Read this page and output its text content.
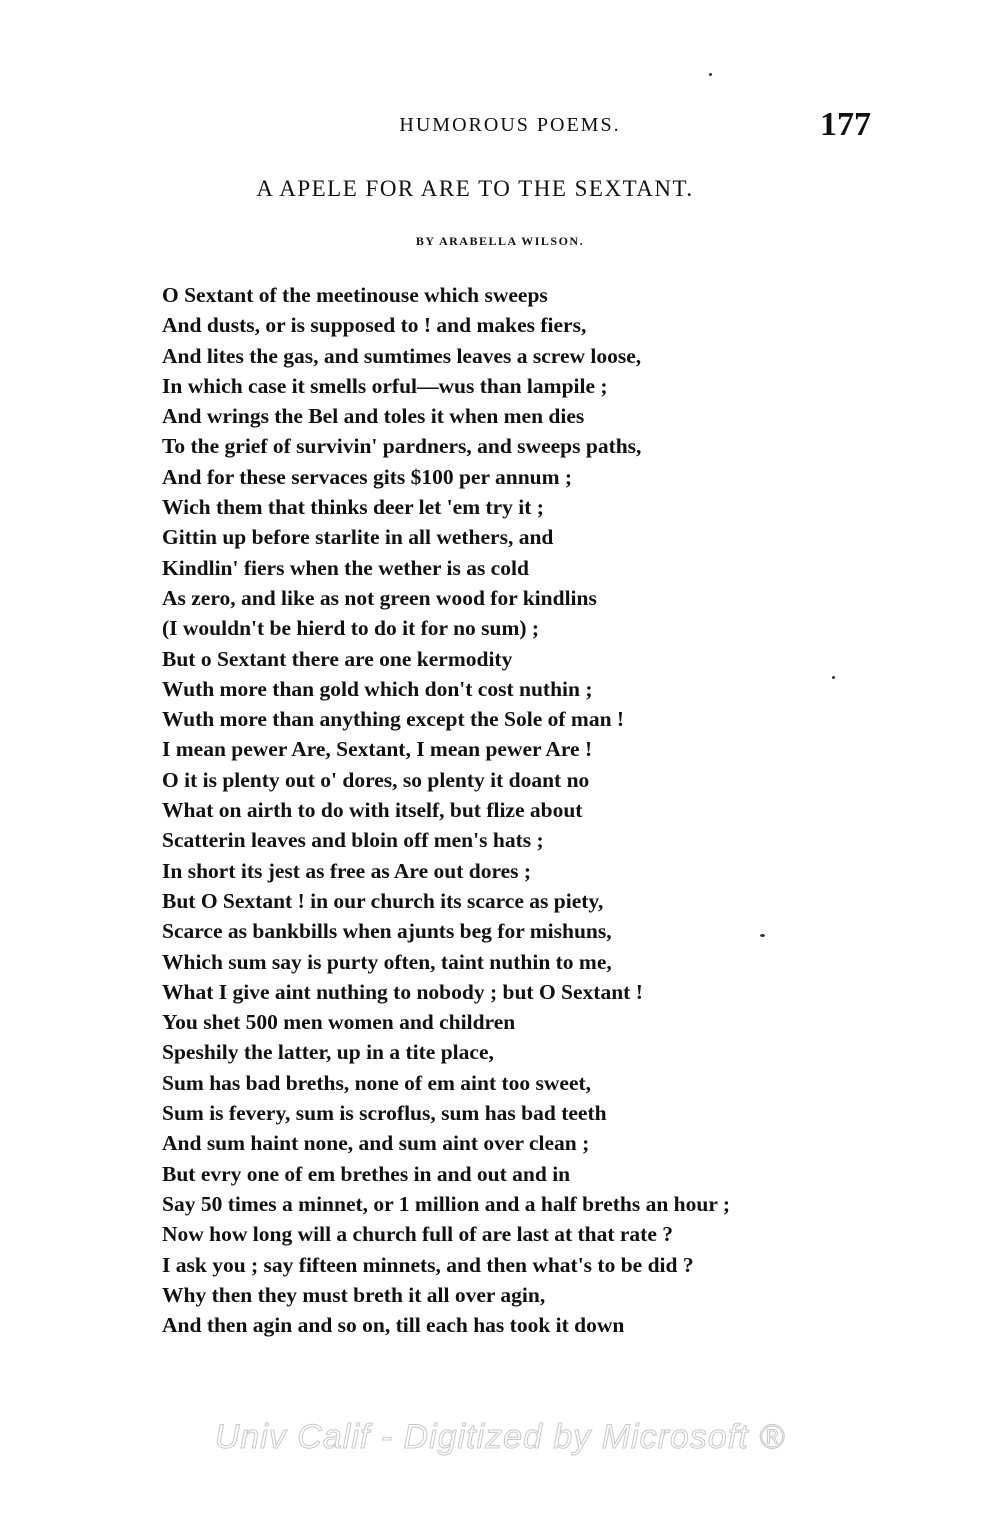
HUMOROUS POEMS.	177
A APELE FOR ARE TO THE SEXTANT.
BY ARABELLA WILSON.
O Sextant of the meetinouse which sweeps
And dusts, or is supposed to ! and makes fiers,
And lites the gas, and sumtimes leaves a screw loose,
In which case it smells orful—wus than lampile ;
And wrings the Bel and toles it when men dies
To the grief of survivin' pardners, and sweeps paths,
And for these servaces gits $100 per annum ;
Wich them that thinks deer let 'em try it ;
Gittin up before starlite in all wethers, and
Kindlin' fiers when the wether is as cold
As zero, and like as not green wood for kindlins
(I wouldn't be hierd to do it for no sum) ;
But o Sextant there are one kermodity
Wuth more than gold which don't cost nuthin ;
Wuth more than anything except the Sole of man !
I mean pewer Are, Sextant, I mean pewer Are !
O it is plenty out o' dores, so plenty it doant no
What on airth to do with itself, but flize about
Scatterin leaves and bloin off men's hats ;
In short its jest as free as Are out dores ;
But O Sextant ! in our church its scarce as piety,
Scarce as bankbills when ajunts beg for mishuns,
Which sum say is purty often, taint nuthin to me,
What I give aint nuthing to nobody ; but O Sextant !
You shet 500 men women and children
Speshily the latter, up in a tite place,
Sum has bad breths, none of em aint too sweet,
Sum is fevery, sum is scroflus, sum has bad teeth
And sum haint none, and sum aint over clean ;
But evry one of em brethes in and out and in
Say 50 times a minnet, or 1 million and a half breths an hour ;
Now how long will a church full of are last at that rate ?
I ask you ; say fifteen minnets, and then what's to be did ?
Why then they must breth it all over agin,
And then agin and so on, till each has took it down
Univ Calif - Digitized by Microsoft ®
